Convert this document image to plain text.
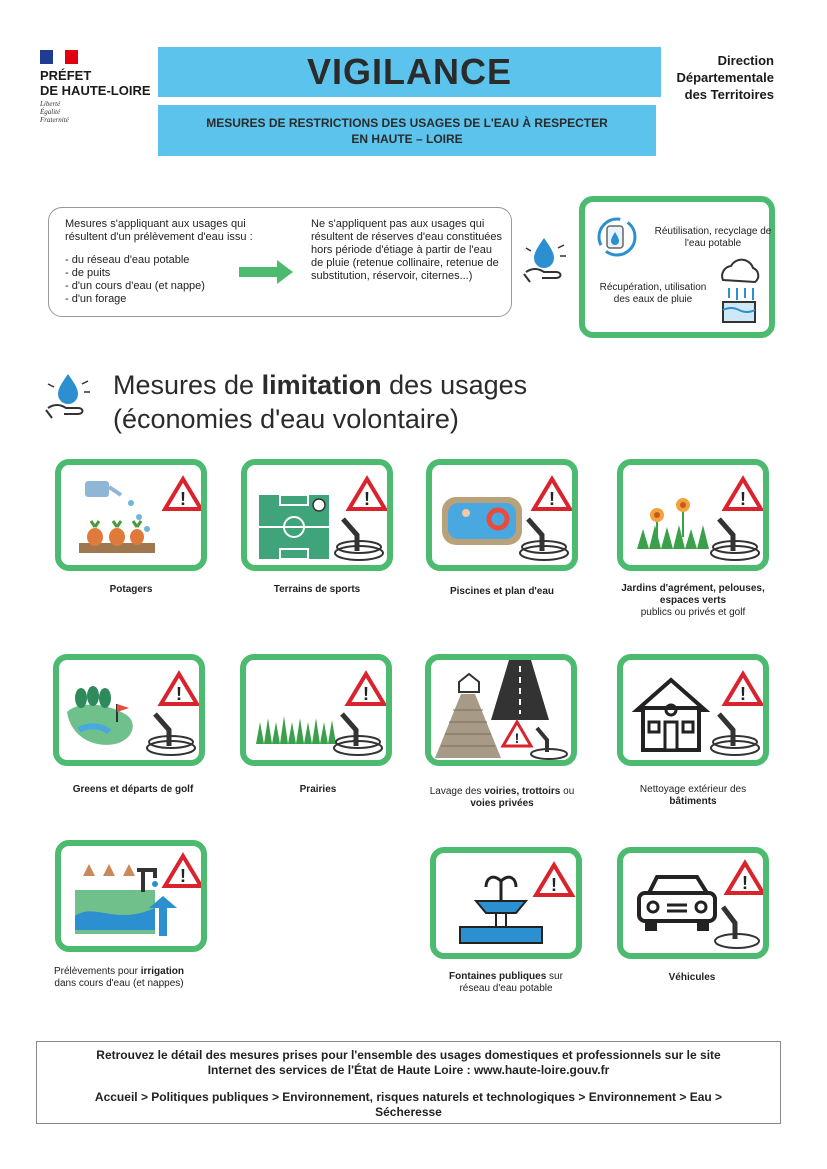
PRÉFET
DE HAUTE-LOIRE
Liberté
Égalité
Fraternité
VIGILANCE
MESURES DE RESTRICTIONS DES USAGES DE L'EAU À RESPECTER
EN HAUTE – LOIRE
Direction
Départementale
des Territoires
Mesures s'appliquant aux usages qui résultent d'un prélèvement d'eau issu :
- du réseau d'eau potable
- de puits
- d'un cours d'eau (et nappe)
- d'un forage
Ne s'appliquent pas aux usages qui résultent de réserves d'eau constituées hors période d'étiage à partir de l'eau de pluie (retenue collinaire, retenue de substitution, réservoir, citernes...)
Réutilisation, recyclage de l'eau potable
Récupération, utilisation des eaux de pluie
Mesures de limitation des usages
(économies d'eau volontaire)
!
Potagers
!
Terrains de sports
!
Piscines et plan d'eau
!
Jardins d'agrément, pelouses, espaces verts
publics ou privés et golf
!
Greens et départs de golf
!
Prairies
!
Lavage des voiries, trottoirs ou
voies privées
!
Nettoyage extérieur des
bâtiments
!
Prélèvements pour irrigation
dans cours d'eau (et nappes)
!
Fontaines publiques sur
réseau d'eau potable
!
Véhicules
Retrouvez le détail des mesures prises pour l'ensemble des usages domestiques et professionnels sur le site
Internet des services de l'État de Haute Loire : www.haute-loire.gouv.fr
Accueil > Politiques publiques > Environnement, risques naturels et technologiques > Environnement > Eau >
Sécheresse
